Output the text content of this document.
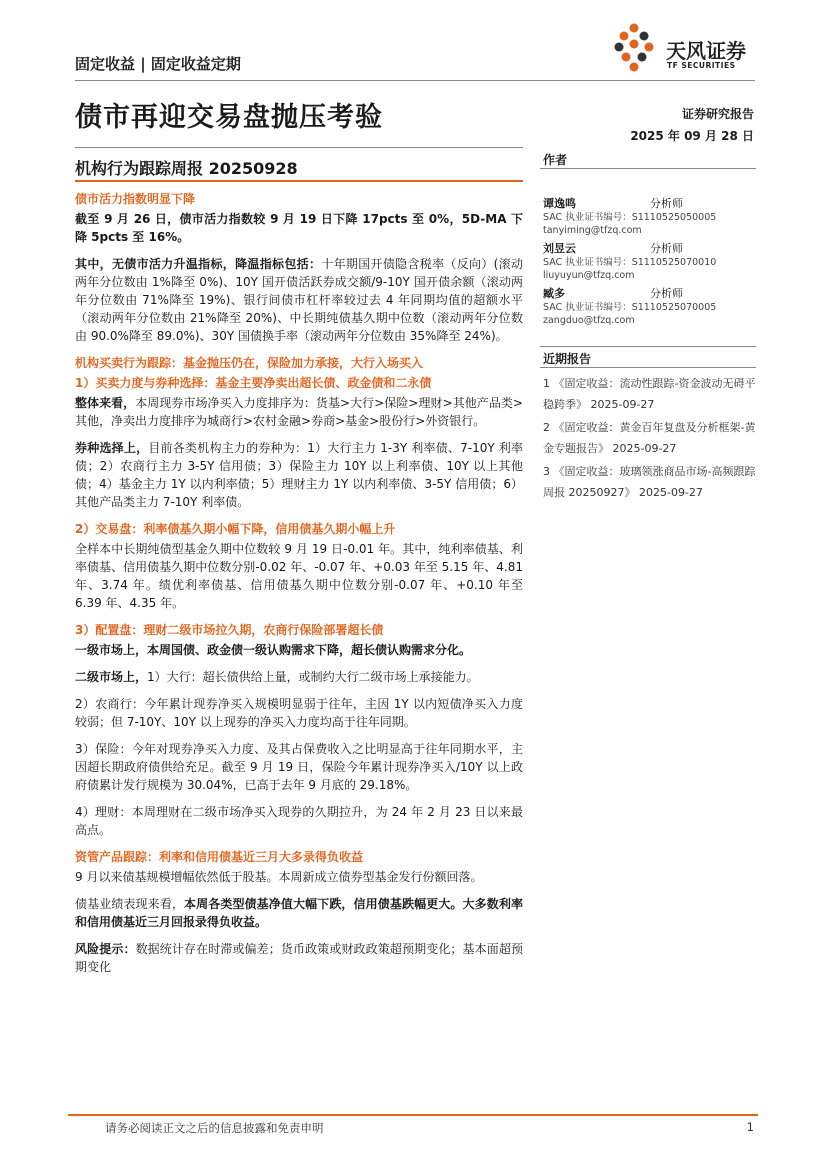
天风证券
TF SECURITIES
固定收益 | 固定收益定期
债市再迎交易盘抛压考验	证券研究报告
2025 年 09 月 28 日
机构行为跟踪周报 20250928

债市活力指数明显下降

截至 9 月 26 日，债市活力指数较 9 月 19 日下降 17pcts 至 0%，5D-MA 下降 5pcts 至 16%。

其中，无债市活力升温指标，降温指标包括：十年期国开债隐含税率（反向）(滚动两年分位数由 1%降至 0%)、10Y 国开债活跃券成交额/9-10Y 国开债余额（滚动两年分位数由 71%降至 19%)、银行间债市杠杆率较过去 4 年同期均值的超额水平（滚动两年分位数由 21%降至 20%)、中长期纯债基久期中位数（滚动两年分位数由 90.0%降至 89.0%)、30Y 国债换手率（滚动两年分位数由 35%降至 24%)。

机构买卖行为跟踪：基金抛压仍在，保险加力承接，大行入场买入

1）买卖力度与券种选择：基金主要净卖出超长债、政金债和二永债

整体来看，本周现券市场净买入力度排序为：货基>大行>保险>理财>其他产品类>其他，净卖出力度排序为城商行>农村金融>券商>基金>股份行>外资银行。

券种选择上，目前各类机构主力的券种为：1）大行主力 1-3Y 利率债、7-10Y 利率债；2）农商行主力 3-5Y 信用债；3）保险主力 10Y 以上利率债、10Y 以上其他债；4）基金主力 1Y 以内利率债；5）理财主力 1Y 以内利率债、3-5Y 信用债；6）其他产品类主力 7-10Y 利率债。

2）交易盘：利率债基久期小幅下降，信用债基久期小幅上升

全样本中长期纯债型基金久期中位数较 9 月 19 日-0.01 年。其中，纯利率债基、利率债基、信用债基久期中位数分别-0.02 年、-0.07 年、+0.03 年至 5.15 年、4.81 年、3.74 年。绩优利率债基、信用债基久期中位数分别-0.07 年、+0.10 年至 6.39 年、4.35 年。

3）配置盘：理财二级市场拉久期，农商行保险部署超长债

一级市场上，本周国债、政金债一级认购需求下降，超长债认购需求分化。

二级市场上，1）大行：超长债供给上量，或制约大行二级市场上承接能力。

2）农商行：今年累计现券净买入规模明显弱于往年，主因 1Y 以内短债净买入力度较弱；但 7-10Y、10Y 以上现券的净买入力度均高于往年同期。

3）保险：今年对现券净买入力度、及其占保费收入之比明显高于往年同期水平，主因超长期政府债供给充足。截至 9 月 19 日，保险今年累计现券净买入/10Y 以上政府债累计发行规模为 30.04%，已高于去年 9 月底的 29.18%。

4）理财：本周理财在二级市场净买入现券的久期拉升，为 24 年 2 月 23 日以来最高点。

资管产品跟踪：利率和信用债基近三月大多录得负收益

9 月以来债基规模增幅依然低于股基。本周新成立债券型基金发行份额回落。

债基业绩表现来看，本周各类型债基净值大幅下跌，信用债基跌幅更大。大多数利率和信用债基近三月回报录得负收益。

风险提示：数据统计存在时滞或偏差；货币政策或财政政策超预期变化；基本面超预期变化

作者
谭逸鸣	分析师
SAC 执业证书编号：S1110525050005
tanyiming@tfzq.com
刘昱云	分析师
SAC 执业证书编号：S1110525070010
liuyuyun@tfzq.com
臧多	分析师
SAC 执业证书编号：S1110525070005
zangduo@tfzq.com
近期报告
1 《固定收益：流动性跟踪-资金波动无碍平稳跨季》 2025-09-27
2 《固定收益：黄金百年复盘及分析框架-黄金专题报告》 2025-09-27
3 《固定收益：玻璃领涨商品市场-高频跟踪周报 20250927》 2025-09-27
请务必阅读正文之后的信息披露和免责申明	1
